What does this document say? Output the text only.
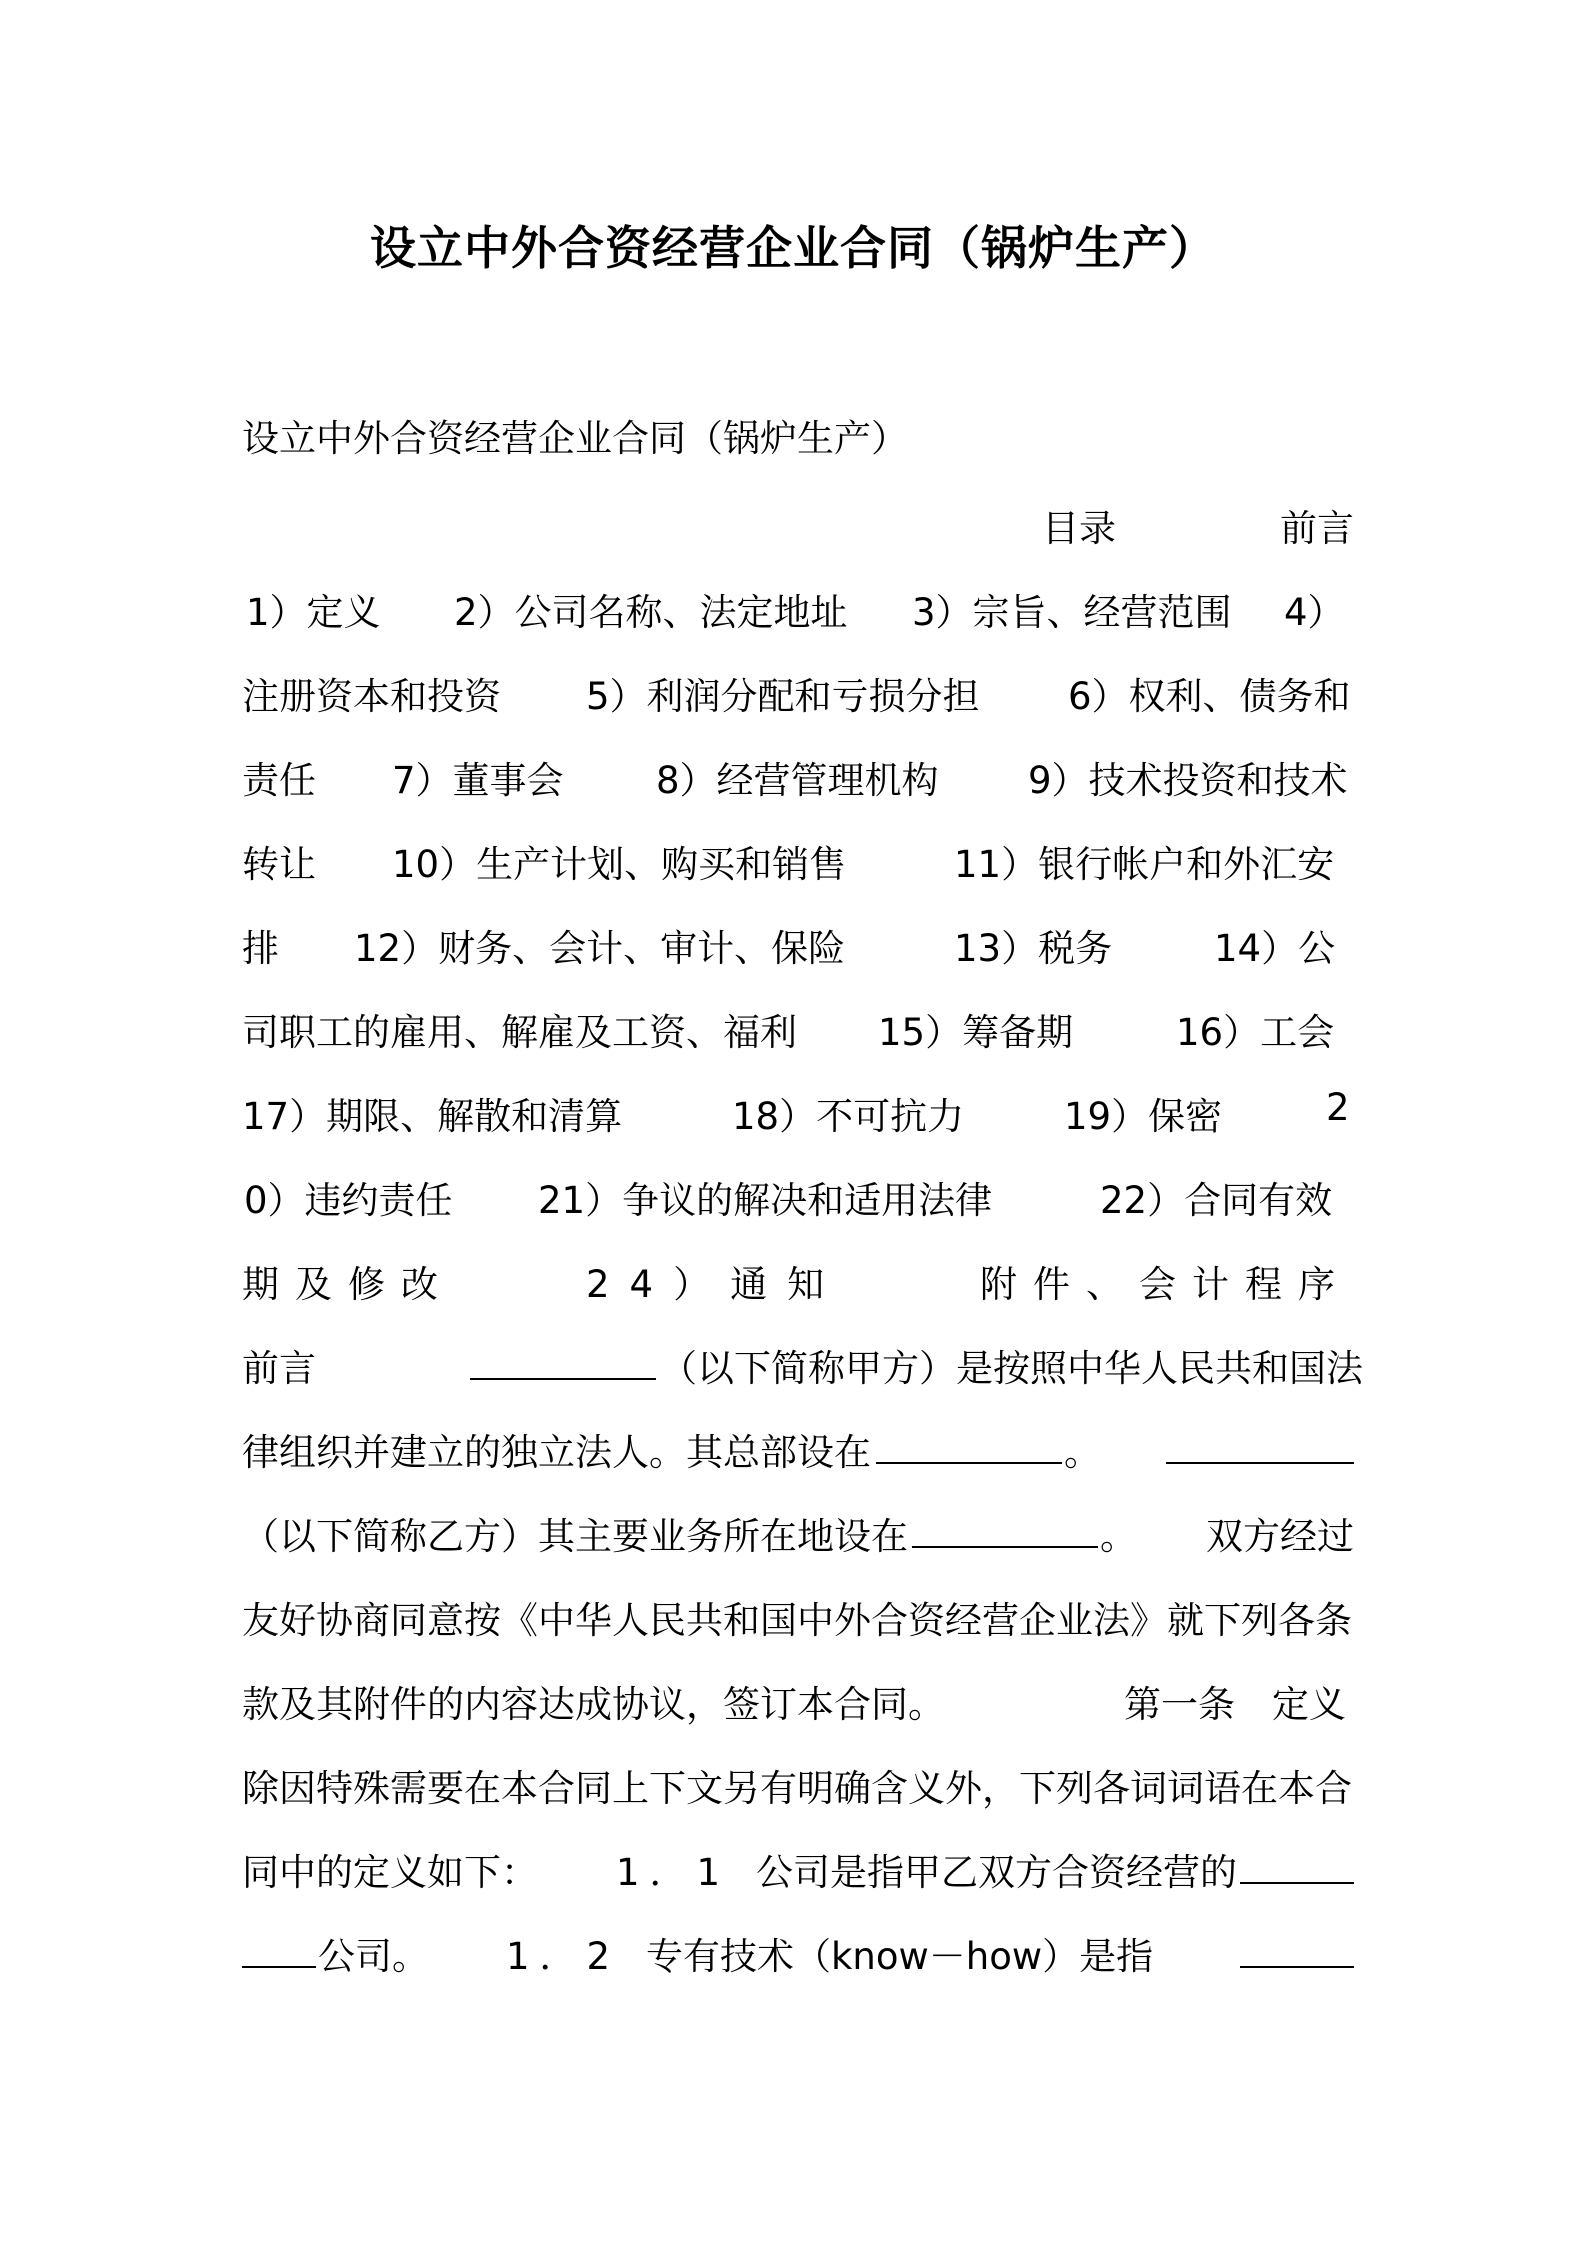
设立中外合资经营企业合同（锅炉生产）
设立中外合资经营企业合同（锅炉生产）
目录	前言
1）定义 2）公司名称、法定地址 3）宗旨、经营范围 4）
注册资本和投资 5）利润分配和亏损分担 6）权利、债务和
责任 7）董事会 8）经营管理机构 9）技术投资和技术
转让 10）生产计划、购买和销售	11）银行帐户和外汇安
排 12）财务、会计、审计、保险	13）税务	14）公
司职工的雇用、解雇及工资、福利 15）筹备期	16）工会
17）期限、解散和清算	18）不可抗力	19）保密	2
0）违约责任 21）争议的解决和适用法律	22）合同有效
期及修改	24）通知	附件、会计程序
前言	（以下简称甲方）是按照中华人民共和国法
律组织并建立的独立法人。其总部设在	。
（以下简称乙方）其主要业务所在地设在	。 双方经过
友好协商同意按《中华人民共和国中外合资经营企业法》就下列各条
款及其附件的内容达成协议，签订本合同。	第一条　定义
除因特殊需要在本合同上下文另有明确含义外，下列各词词语在本合
同中的定义如下： 1．1 公司是指甲乙双方合资经营的
公司。 1．2 专有技术（know－how）是指
